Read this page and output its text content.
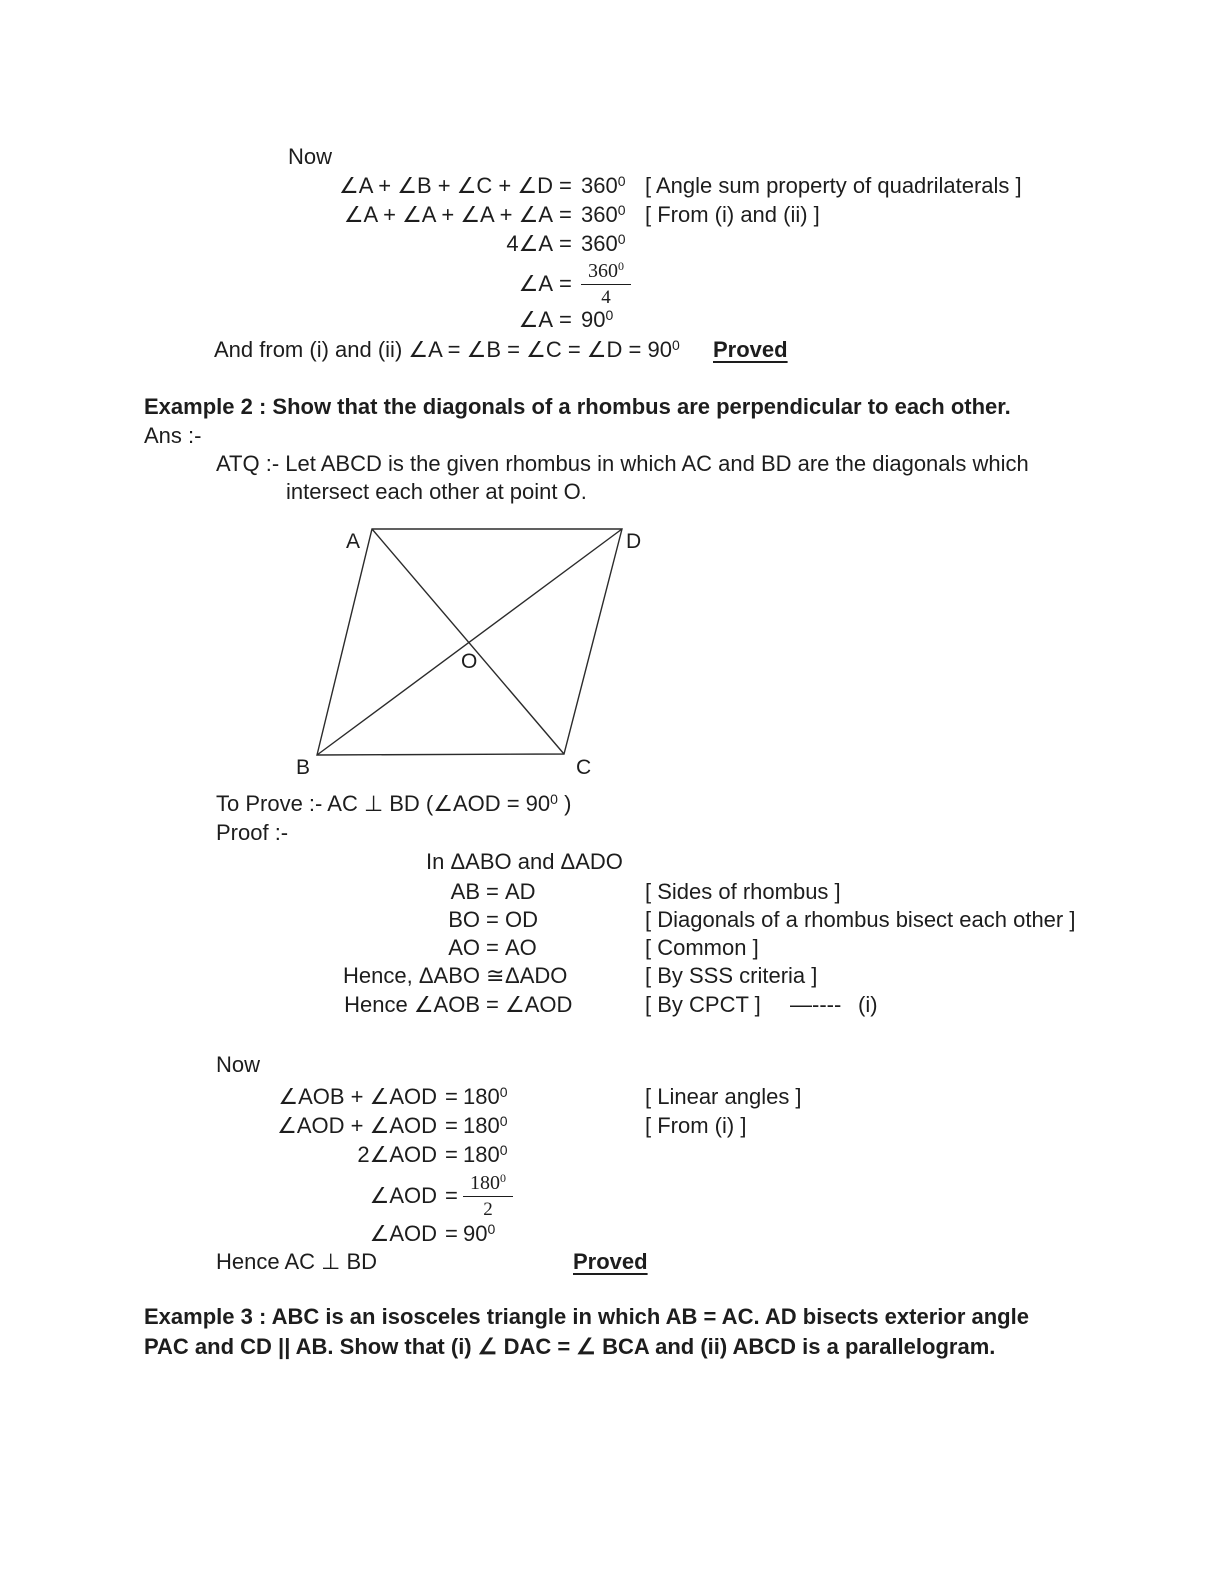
Now
∠A + ∠B + ∠C + ∠D = $360^0$ [ Angle sum property of quadrilaterals ]
∠A + ∠A + ∠A + ∠A = $360^0$ [ From (i) and (ii) ]
4∠A = $360^0$
∠A = $\frac{360^0}{4}$
∠A = $90^0$
And from (i) and (ii) ∠A = ∠B = ∠C = ∠D = $90^0$ Proved
Example 2 : Show that the diagonals of a rhombus are perpendicular to each other.
Ans :-
ATQ :- Let ABCD is the given rhombus in which AC and BD are the diagonals which
intersect each other at point O.
A	D
B	C
O
To Prove :- AC ⊥ BD (∠AOD = $90^0$ )
Proof :-
In ΔABO and ΔADO
AB = AD	[ Sides of rhombus ]
BO = OD	[ Diagonals of a rhombus bisect each other ]
AO = AO	[ Common ]
Hence, ΔABO ≅ ΔADO	[ By SSS criteria ]
Hence ∠AOB = ∠AOD	[ By CPCT ] —---- (i)
Now
∠AOB + ∠AOD = $180^0$	[ Linear angles ]
∠AOD + ∠AOD = $180^0$	[ From (i) ]
2∠AOD = $180^0$
∠AOD = $\frac{180^0}{2}$
∠AOD = $90^0$
Hence AC ⊥ BD	Proved
Example 3 : ABC is an isosceles triangle in which AB = AC. AD bisects exterior angle
PAC and CD || AB. Show that (i) ∠ DAC = ∠ BCA and (ii) ABCD is a parallelogram.
